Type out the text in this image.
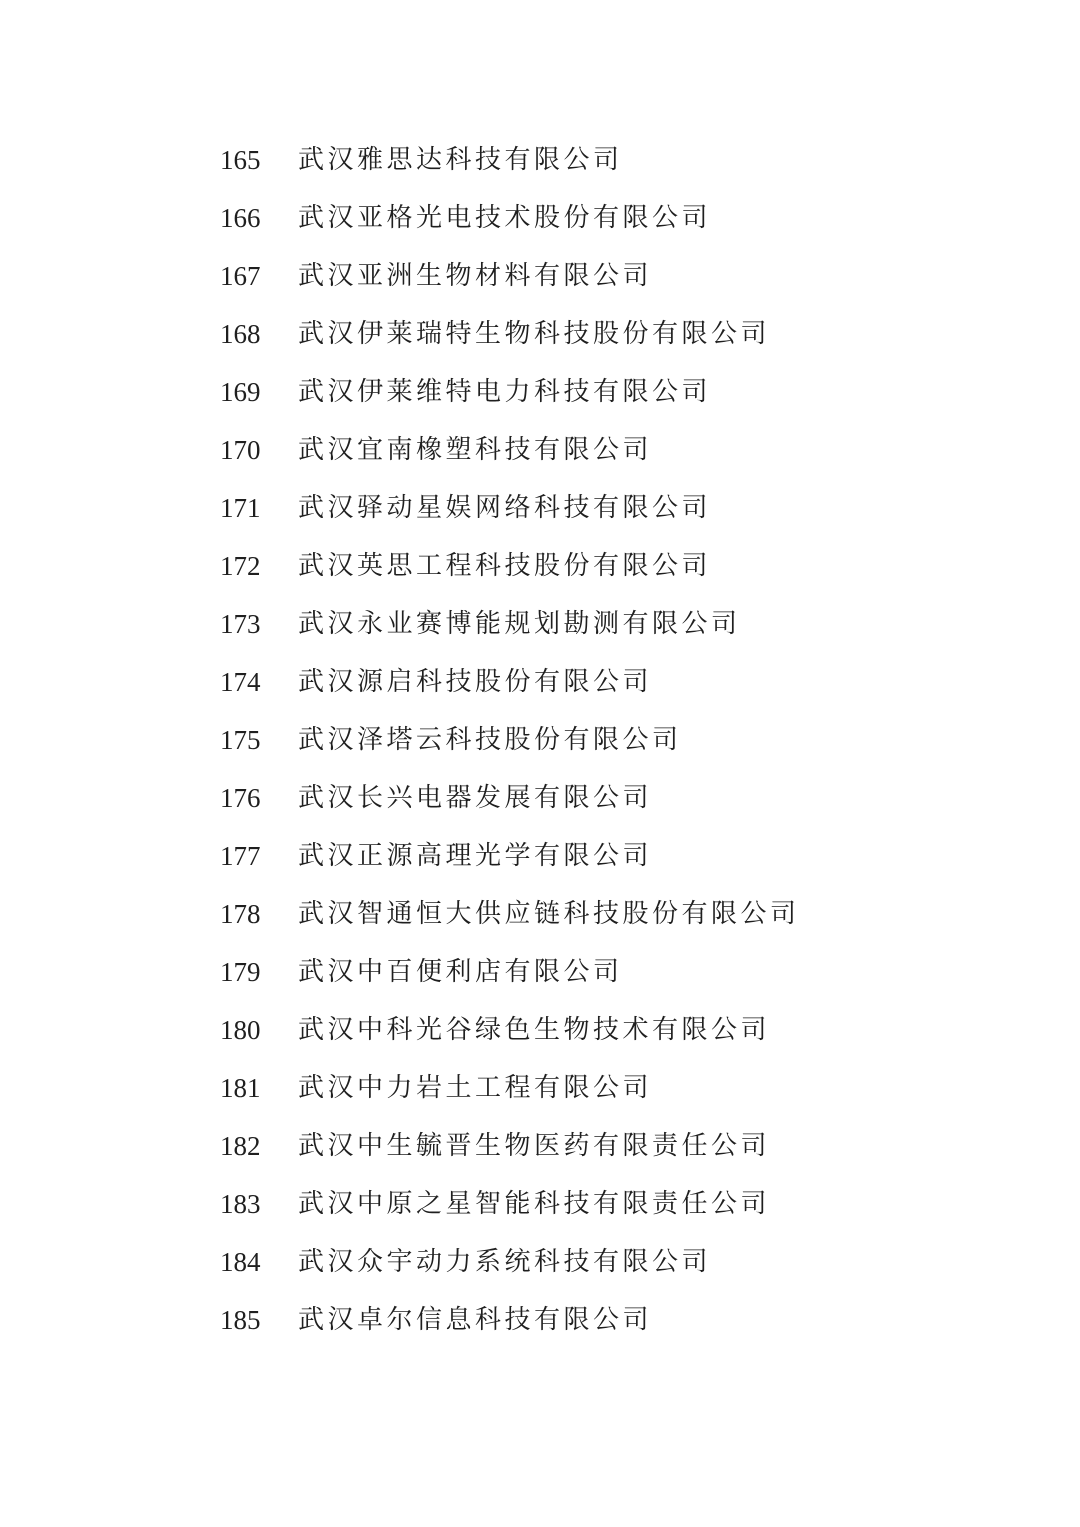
165	武汉雅思达科技有限公司
166	武汉亚格光电技术股份有限公司
167	武汉亚洲生物材料有限公司
168	武汉伊莱瑞特生物科技股份有限公司
169	武汉伊莱维特电力科技有限公司
170	武汉宜南橡塑科技有限公司
171	武汉驿动星娱网络科技有限公司
172	武汉英思工程科技股份有限公司
173	武汉永业赛博能规划勘测有限公司
174	武汉源启科技股份有限公司
175	武汉泽塔云科技股份有限公司
176	武汉长兴电器发展有限公司
177	武汉正源高理光学有限公司
178	武汉智通恒大供应链科技股份有限公司
179	武汉中百便利店有限公司
180	武汉中科光谷绿色生物技术有限公司
181	武汉中力岩土工程有限公司
182	武汉中生毓晋生物医药有限责任公司
183	武汉中原之星智能科技有限责任公司
184	武汉众宇动力系统科技有限公司
185	武汉卓尔信息科技有限公司
